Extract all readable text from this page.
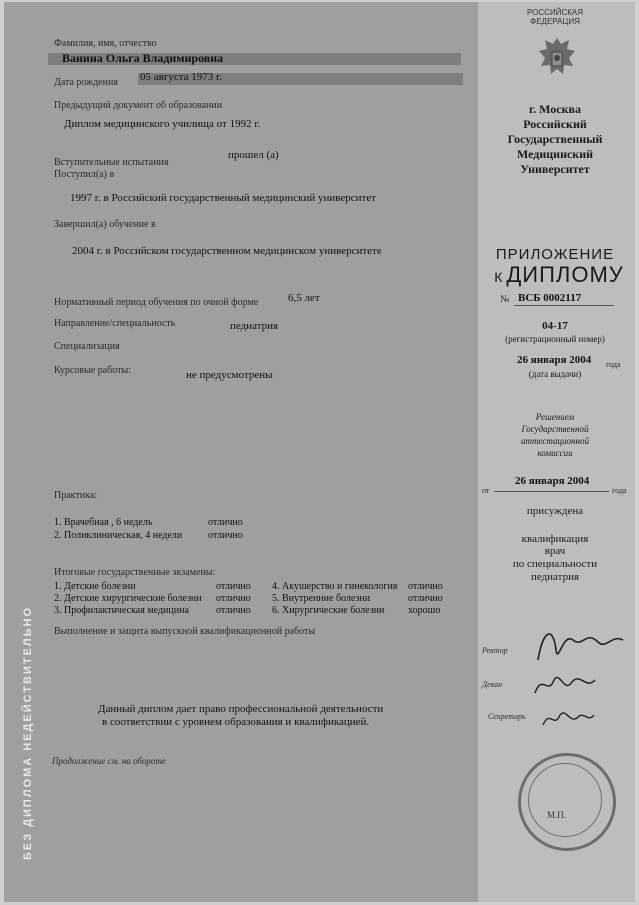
БЕЗ ДИПЛОМА НЕДЕЙСТВИТЕЛЬНО
РОССИЙСКАЯ
ФЕДЕРАЦИЯ
г. Москва
Российский
Государственный
Медицинский
Университет
ПРИЛОЖЕНИЕ
К ДИПЛОМУ
№ ВСБ 0002117
04-17
(регистрационный номер)
26 января 2004 года
(дата выдачи)
Решением
Государственной
аттестационной
комиссии
от
26 января 2004
года
присуждена
квалификация
врач
по специальности
педиатрия
Ректор
Декан
Секретарь
М.П.
Фамилия, имя, отчество
Ванина Ольга Владимировна
Дата рождения 05 августа 1973 г.
Предыдущий документ об образовании
Диплом медицинского училища от 1992 г.
прошел (а)
Вступительные испытания
Поступил(а) в
1997 г. в Российский государственный медицинский университет
Завершил(а) обучение в
2004 г. в Российском государственном медицинском университете
Нормативный период обучения по очной форме	6,5 лет
Направление/специальность	педиатрия
Специализация
Курсовые работы:	не предусмотрены
Практика:
1. Врачебная , 6 недель	отлично
2. Поликлиническая, 4 недели	отлично
Итоговые государственные экзамены:
1. Детские болезни	отлично
2. Детские хирургические болезни отлично
3. Профилактическая медицина	отлично
4. Акушерство и гинекология отлично
5. Внутренние болезни	отлично
6. Хирургические болезни хорошо
Выполнение и защита выпускной квалификационной работы
Данный диплом дает право профессиональной деятельности
в соответствии с уровнем образования и квалификацией.
Продолжение см. на обороте
